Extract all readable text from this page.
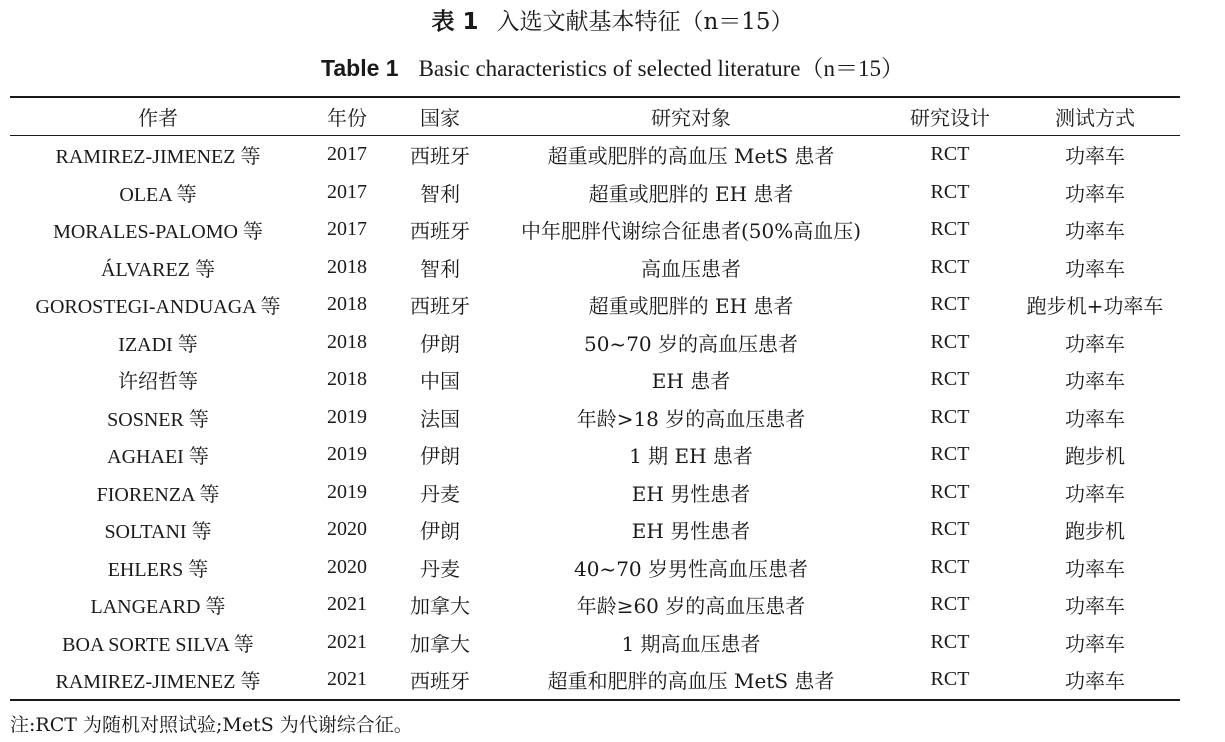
表 1 入选文献基本特征（n＝15）
Table 1 Basic characteristics of selected literature（n＝15）
作者	年份	国家	研究对象	研究设计	测试方式
RAMIREZ-JIMENEZ 等	2017	西班牙	超重或肥胖的高血压 MetS 患者	RCT	功率车
OLEA 等	2017	智利	超重或肥胖的 EH 患者	RCT	功率车
MORALES-PALOMO 等	2017	西班牙	中年肥胖代谢综合征患者(50%高血压)	RCT	功率车
ÁLVAREZ 等	2018	智利	高血压患者	RCT	功率车
GOROSTEGI-ANDUAGA 等	2018	西班牙	超重或肥胖的 EH 患者	RCT	跑步机+功率车
IZADI 等	2018	伊朗	50~70 岁的高血压患者	RCT	功率车
许绍哲等	2018	中国	EH 患者	RCT	功率车
SOSNER 等	2019	法国	年龄>18 岁的高血压患者	RCT	功率车
AGHAEI 等	2019	伊朗	1 期 EH 患者	RCT	跑步机
FIORENZA 等	2019	丹麦	EH 男性患者	RCT	功率车
SOLTANI 等	2020	伊朗	EH 男性患者	RCT	跑步机
EHLERS 等	2020	丹麦	40~70 岁男性高血压患者	RCT	功率车
LANGEARD 等	2021	加拿大	年龄≥60 岁的高血压患者	RCT	功率车
BOA SORTE SILVA 等	2021	加拿大	1 期高血压患者	RCT	功率车
RAMIREZ-JIMENEZ 等	2021	西班牙	超重和肥胖的高血压 MetS 患者	RCT	功率车
注:RCT 为随机对照试验;MetS 为代谢综合征。
